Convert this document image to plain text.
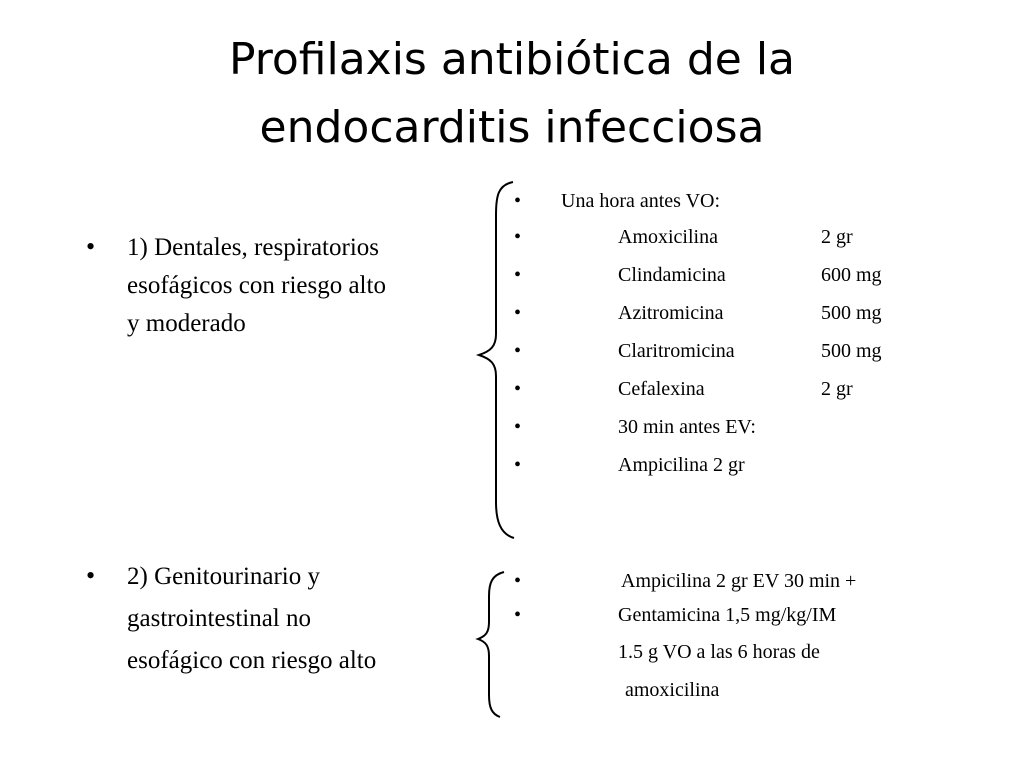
Profilaxis antibiótica de la
endocarditis infecciosa
• 1) Dentales, respiratorios
esofágicos con riesgo alto
y moderado
• Una hora antes VO:
•	Amoxicilina	2 gr
•	Clindamicina	600 mg
•	Azitromicina	500 mg
•	Claritromicina	500 mg
•	Cefalexina	2 gr
•	30 min antes EV:
•	Ampicilina 2 gr
• 2) Genitourinario y
gastrointestinal no
esofágico con riesgo alto
•	Ampicilina 2 gr EV 30 min +
•	Gentamicina 1,5 mg/kg/IM
1.5 g VO a las 6 horas de
amoxicilina
